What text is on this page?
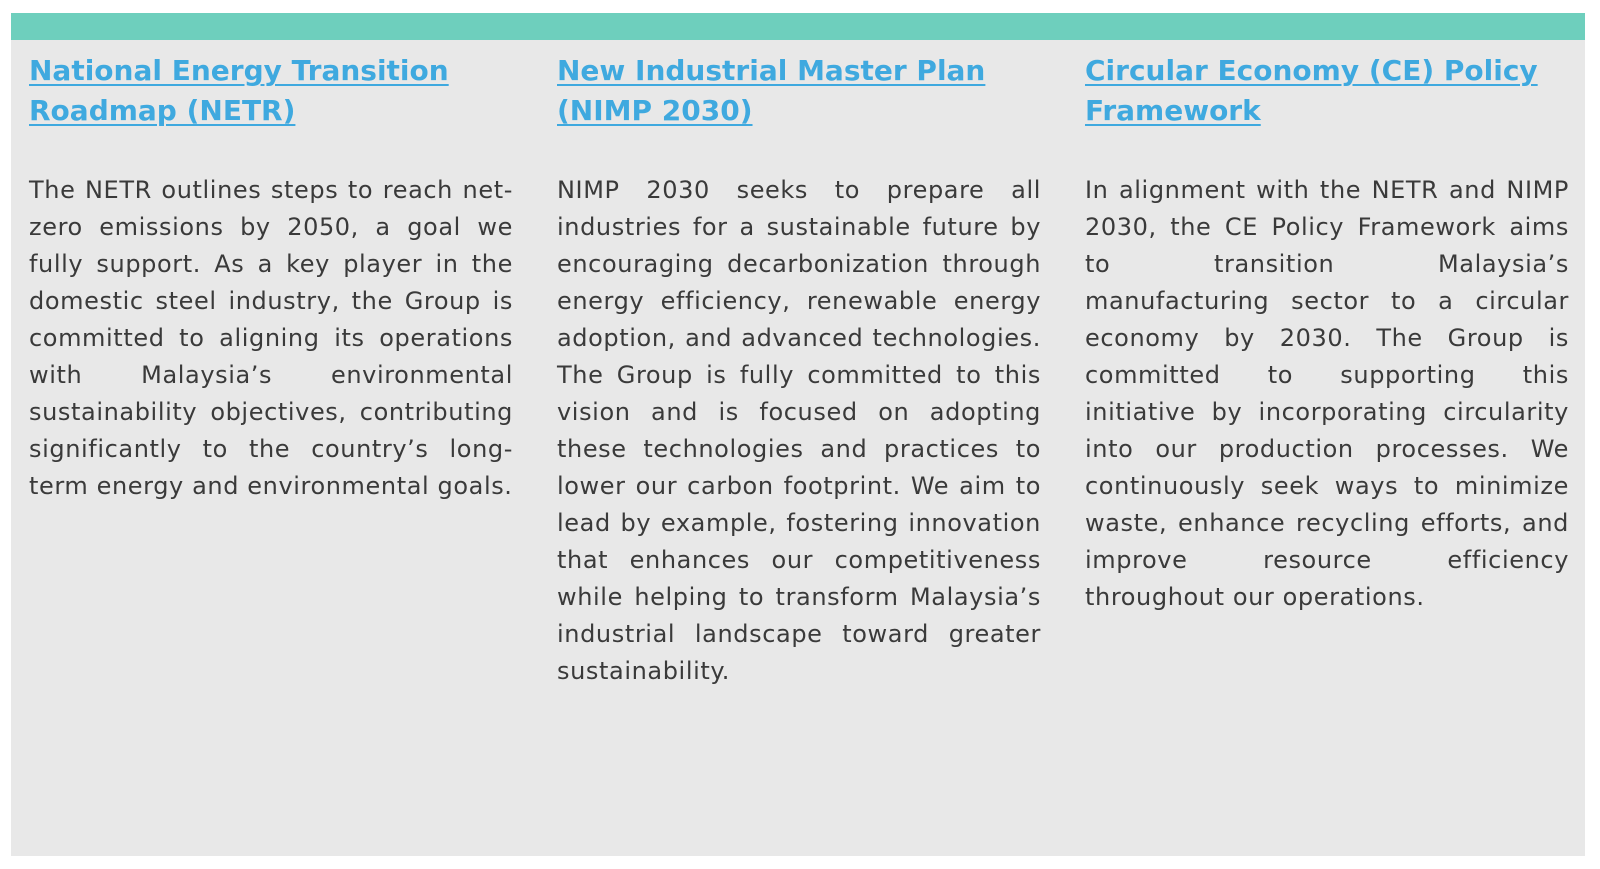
National Energy Transition Roadmap (NETR)
The NETR outlines steps to reach net-zero emissions by 2050, a goal we fully support. As a key player in the domestic steel industry, the Group is committed to aligning its operations with Malaysia’s environmental sustainability objectives, contributing significantly to the country’s long-term energy and environmental goals.
New Industrial Master Plan (NIMP 2030)
NIMP 2030 seeks to prepare all industries for a sustainable future by encouraging decarbonization through energy efficiency, renewable energy adoption, and advanced technologies. The Group is fully committed to this vision and is focused on adopting these technologies and practices to lower our carbon footprint. We aim to lead by example, fostering innovation that enhances our competitiveness while helping to transform Malaysia’s industrial landscape toward greater sustainability.
Circular Economy (CE) Policy Framework
In alignment with the NETR and NIMP 2030, the CE Policy Framework aims to transition Malaysia’s manufacturing sector to a circular economy by 2030. The Group is committed to supporting this initiative by incorporating circularity into our production processes. We continuously seek ways to minimize waste, enhance recycling efforts, and improve resource efficiency throughout our operations.
